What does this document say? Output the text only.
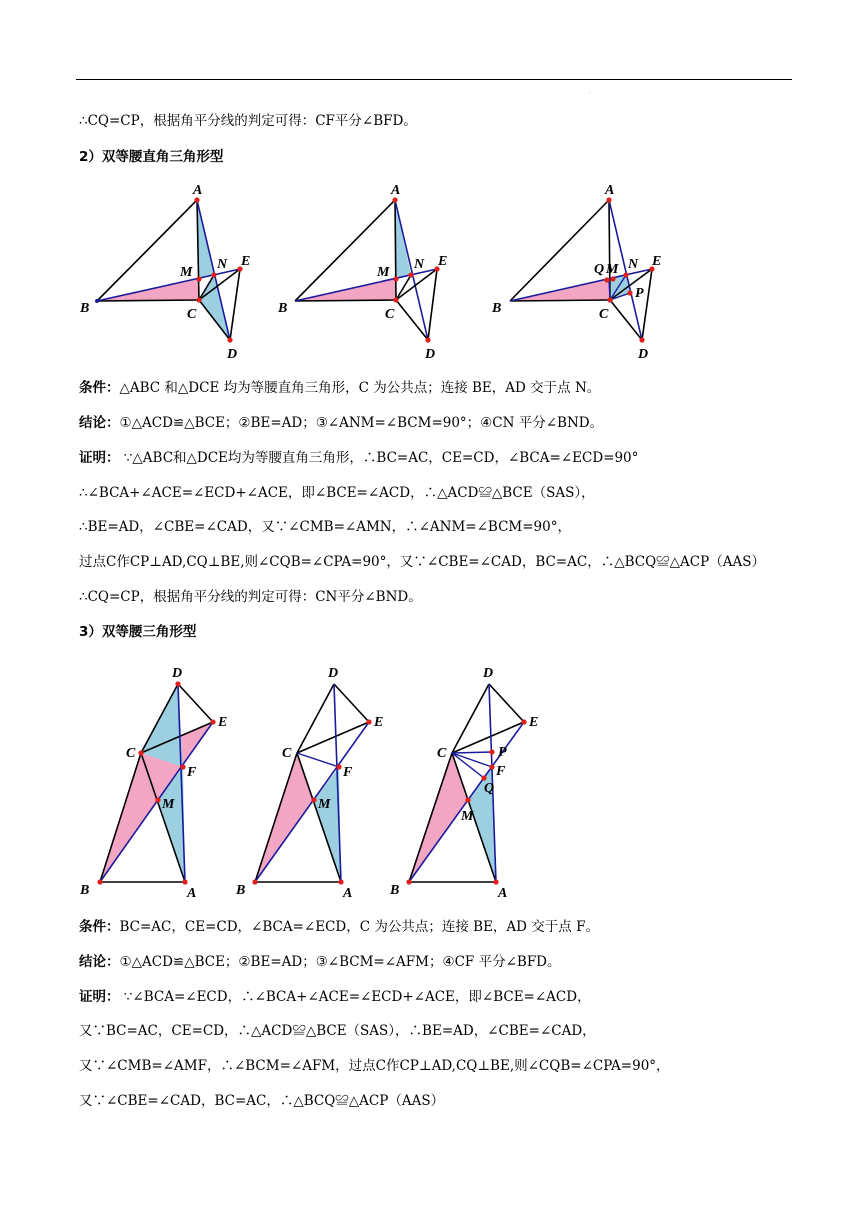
·
∴CQ=CP，根据角平分线的判定可得：CF平分∠BFD。
2）双等腰直角三角形型
A
B	C
D
E
M
N
A
B	C
D
E
M
N
A
B	C
D
E
Q M N
P
D
E
C
F
M
B	A
D
E
C
F
M
B	A
D
E
C	P
F
Q
M
B	A
条件：△ABC 和△DCE 均为等腰直角三角形，C 为公共点；连接 BE，AD 交于点 N。
结论：①△ACD≌△BCE；②BE=AD；③∠ANM=∠BCM=90°；④CN 平分∠BND。
证明： ∵△ABC和△DCE均为等腰直角三角形，∴BC=AC，CE=CD，∠BCA=∠ECD=90°
∴∠BCA+∠ACE=∠ECD+∠ACE，即∠BCE=∠ACD，∴△ACD≌△BCE（SAS），
∴BE=AD，∠CBE=∠CAD，又∵∠CMB=∠AMN，∴∠ANM=∠BCM=90°，
过点C作CP⊥AD,CQ⊥BE,则∠CQB=∠CPA=90°，又∵∠CBE=∠CAD，BC=AC，∴△BCQ≌△ACP（AAS）
∴CQ=CP，根据角平分线的判定可得：CN平分∠BND。
3）双等腰三角形型
条件：BC=AC，CE=CD，∠BCA=∠ECD，C 为公共点；连接 BE，AD 交于点 F。
结论：①△ACD≌△BCE；②BE=AD；③∠BCM=∠AFM；④CF 平分∠BFD。
证明： ∵∠BCA=∠ECD，∴∠BCA+∠ACE=∠ECD+∠ACE，即∠BCE=∠ACD，
又∵BC=AC，CE=CD，∴△ACD≌△BCE（SAS），∴BE=AD，∠CBE=∠CAD，
又∵∠CMB=∠AMF，∴∠BCM=∠AFM，过点C作CP⊥AD,CQ⊥BE,则∠CQB=∠CPA=90°，
又∵∠CBE=∠CAD，BC=AC，∴△BCQ≌△ACP（AAS）
